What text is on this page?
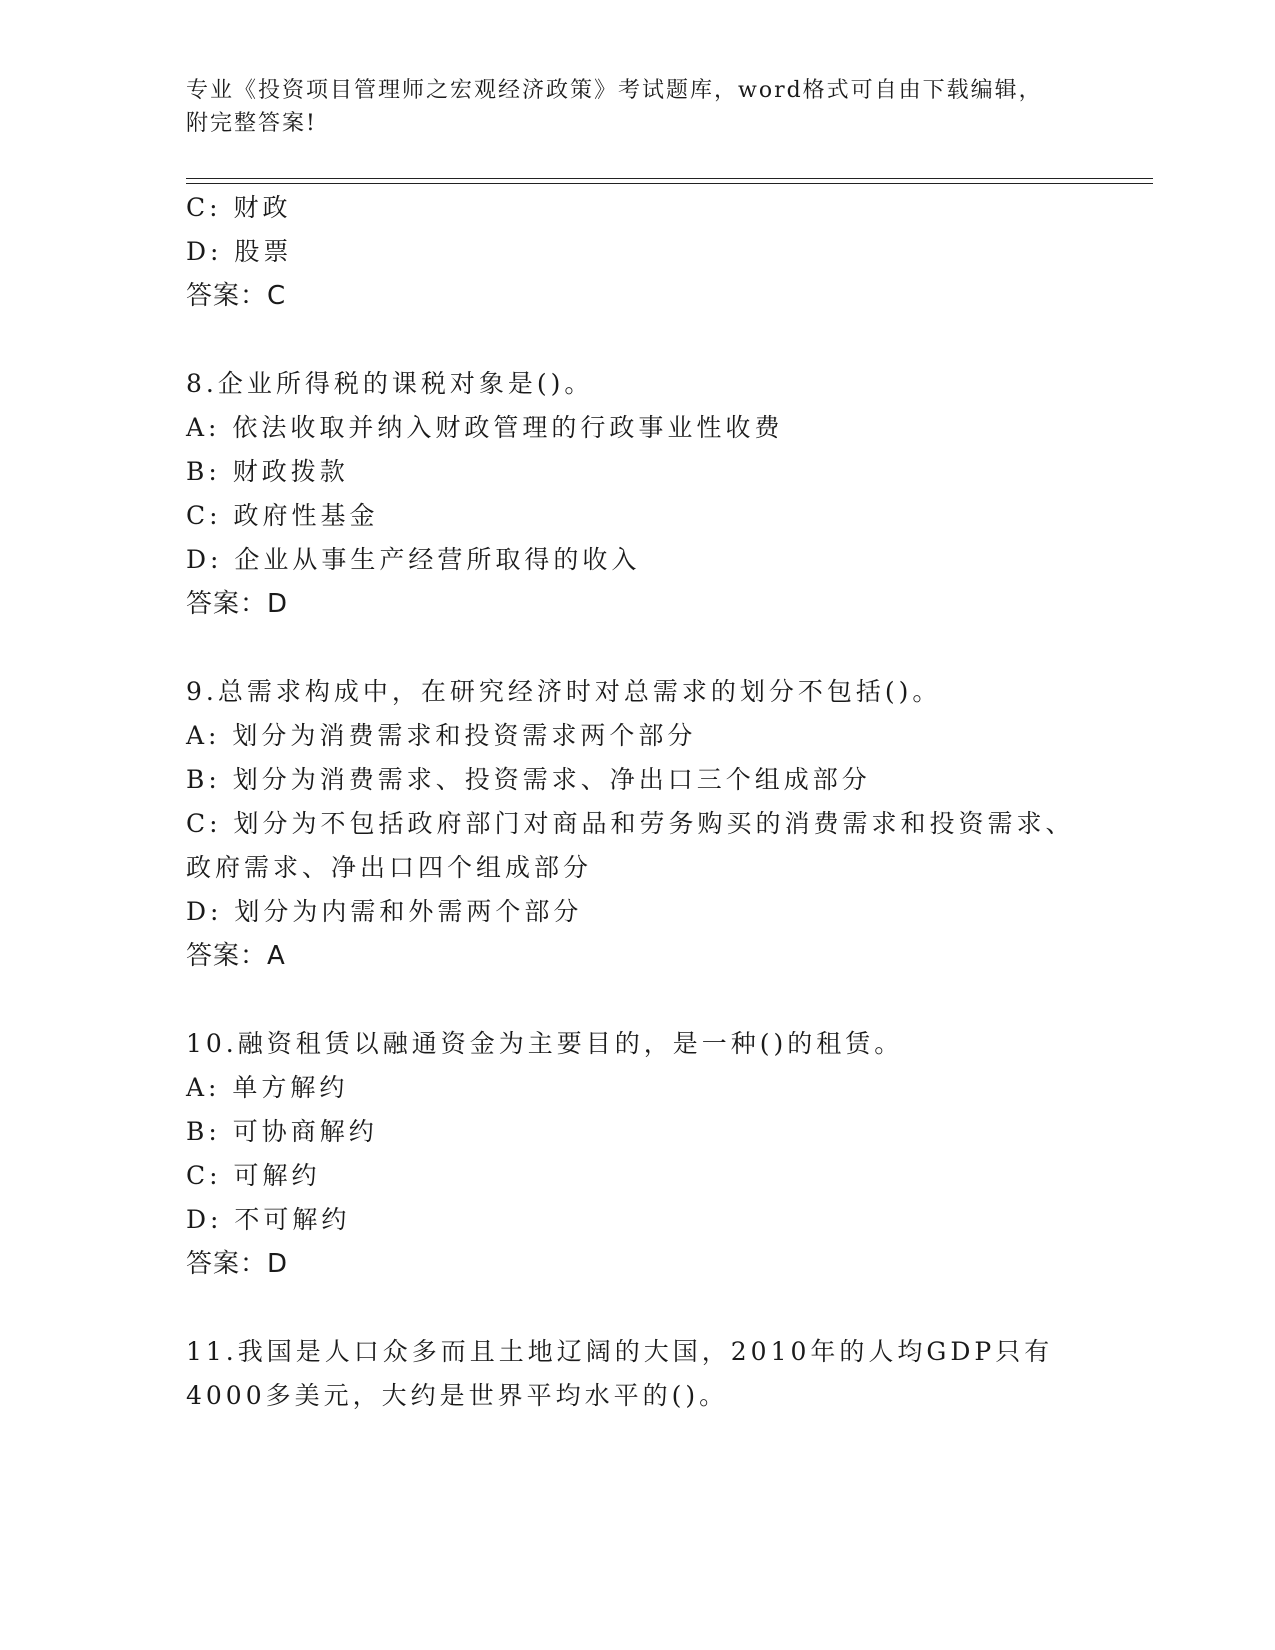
专业《投资项目管理师之宏观经济政策》考试题库，word格式可自由下载编辑，
附完整答案!
C: 财政
D: 股票
答案：C
8.企业所得税的课税对象是()。
A: 依法收取并纳入财政管理的行政事业性收费
B: 财政拨款
C: 政府性基金
D: 企业从事生产经营所取得的收入
答案：D
9.总需求构成中，在研究经济时对总需求的划分不包括()。
A: 划分为消费需求和投资需求两个部分
B: 划分为消费需求、投资需求、净出口三个组成部分
C: 划分为不包括政府部门对商品和劳务购买的消费需求和投资需求、
政府需求、净出口四个组成部分
D: 划分为内需和外需两个部分
答案：A
10.融资租赁以融通资金为主要目的，是一种()的租赁。
A: 单方解约
B: 可协商解约
C: 可解约
D: 不可解约
答案：D
11.我国是人口众多而且土地辽阔的大国，2010年的人均GDP只有
4000多美元，大约是世界平均水平的()。
